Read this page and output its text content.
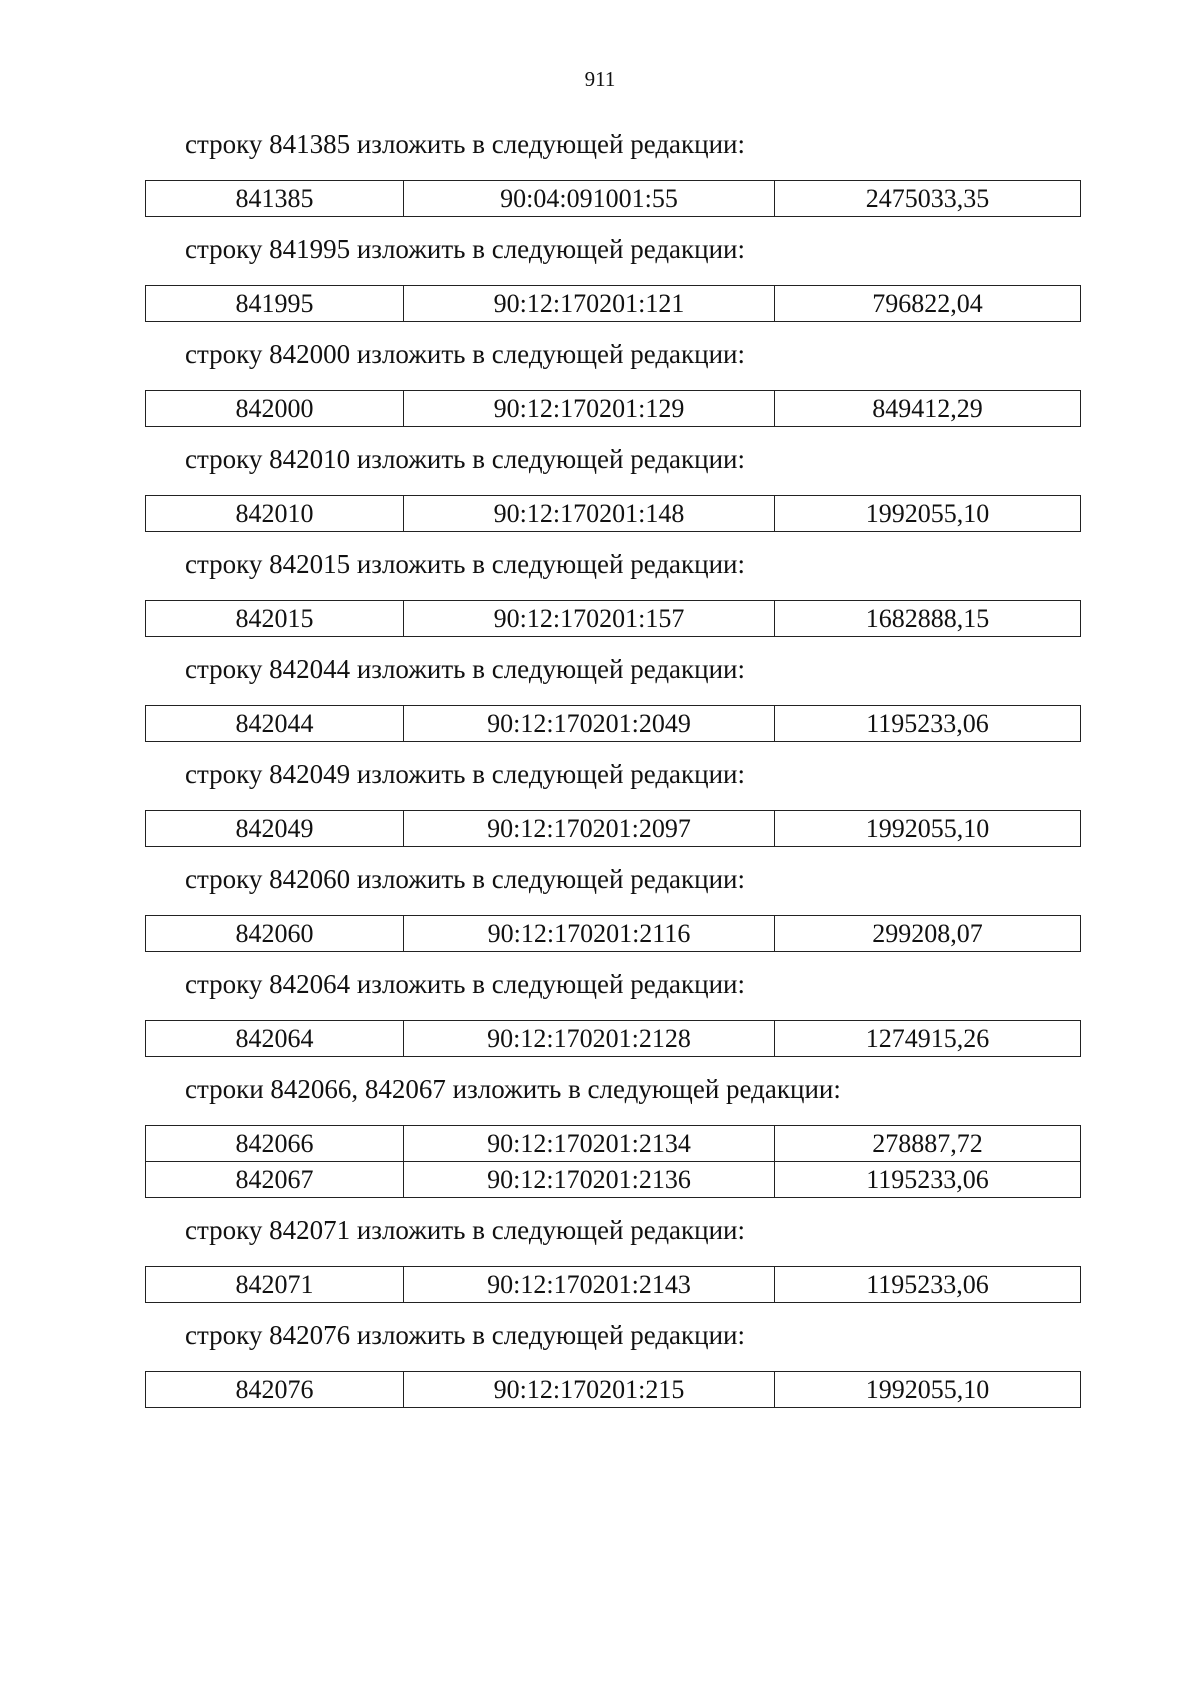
911
строку 841385 изложить в следующей редакции:
841385	90:04:091001:55	2475033,35
строку 841995 изложить в следующей редакции:
841995	90:12:170201:121	796822,04
строку 842000 изложить в следующей редакции:
842000	90:12:170201:129	849412,29
строку 842010 изложить в следующей редакции:
842010	90:12:170201:148	1992055,10
строку 842015 изложить в следующей редакции:
842015	90:12:170201:157	1682888,15
строку 842044 изложить в следующей редакции:
842044	90:12:170201:2049	1195233,06
строку 842049 изложить в следующей редакции:
842049	90:12:170201:2097	1992055,10
строку 842060 изложить в следующей редакции:
842060	90:12:170201:2116	299208,07
строку 842064 изложить в следующей редакции:
842064	90:12:170201:2128	1274915,26
строки 842066, 842067 изложить в следующей редакции:
842066	90:12:170201:2134	278887,72
842067	90:12:170201:2136	1195233,06
строку 842071 изложить в следующей редакции:
842071	90:12:170201:2143	1195233,06
строку 842076 изложить в следующей редакции:
842076	90:12:170201:215	1992055,10
